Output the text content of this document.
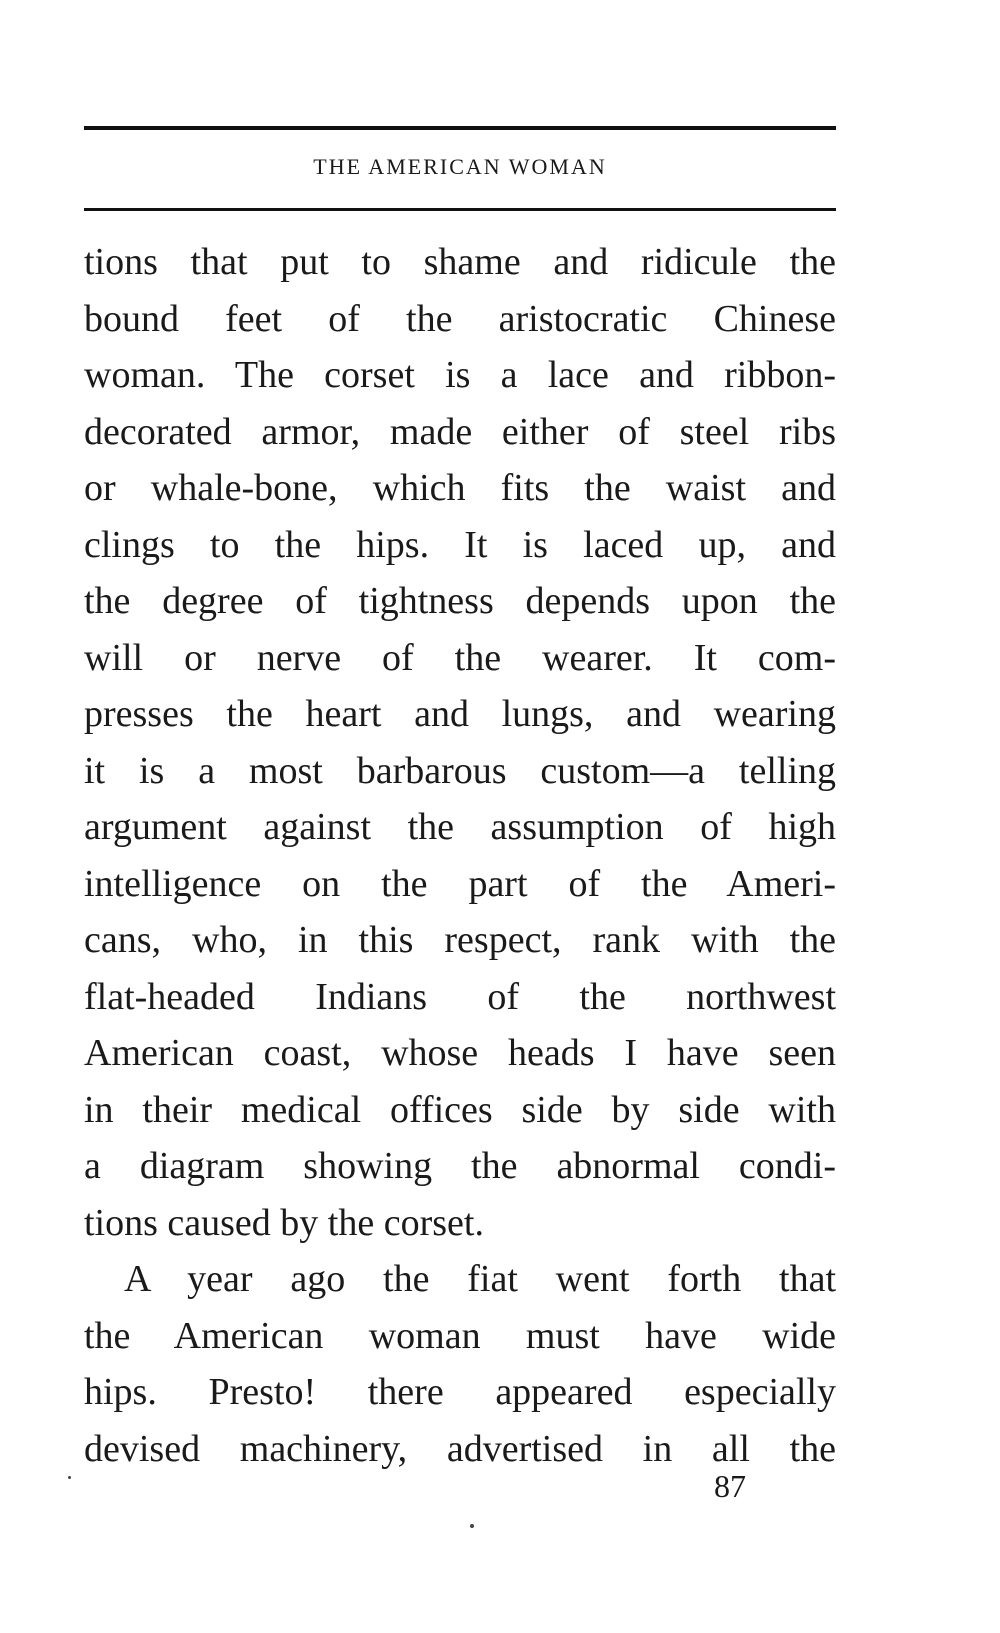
THE AMERICAN WOMAN
tions that put to shame and ridicule the
bound feet of the aristocratic Chinese
woman. The corset is a lace and ribbon-
decorated armor, made either of steel ribs
or whale-bone, which fits the waist and
clings to the hips. It is laced up, and
the degree of tightness depends upon the
will or nerve of the wearer. It com-
presses the heart and lungs, and wearing
it is a most barbarous custom—a telling
argument against the assumption of high
intelligence on the part of the Ameri-
cans, who, in this respect, rank with the
flat-headed Indians of the northwest
American coast, whose heads I have seen
in their medical offices side by side with
a diagram showing the abnormal condi-
tions caused by the corset.
A year ago the fiat went forth that
the American woman must have wide
hips. Presto! there appeared especially
devised machinery, advertised in all the
87
